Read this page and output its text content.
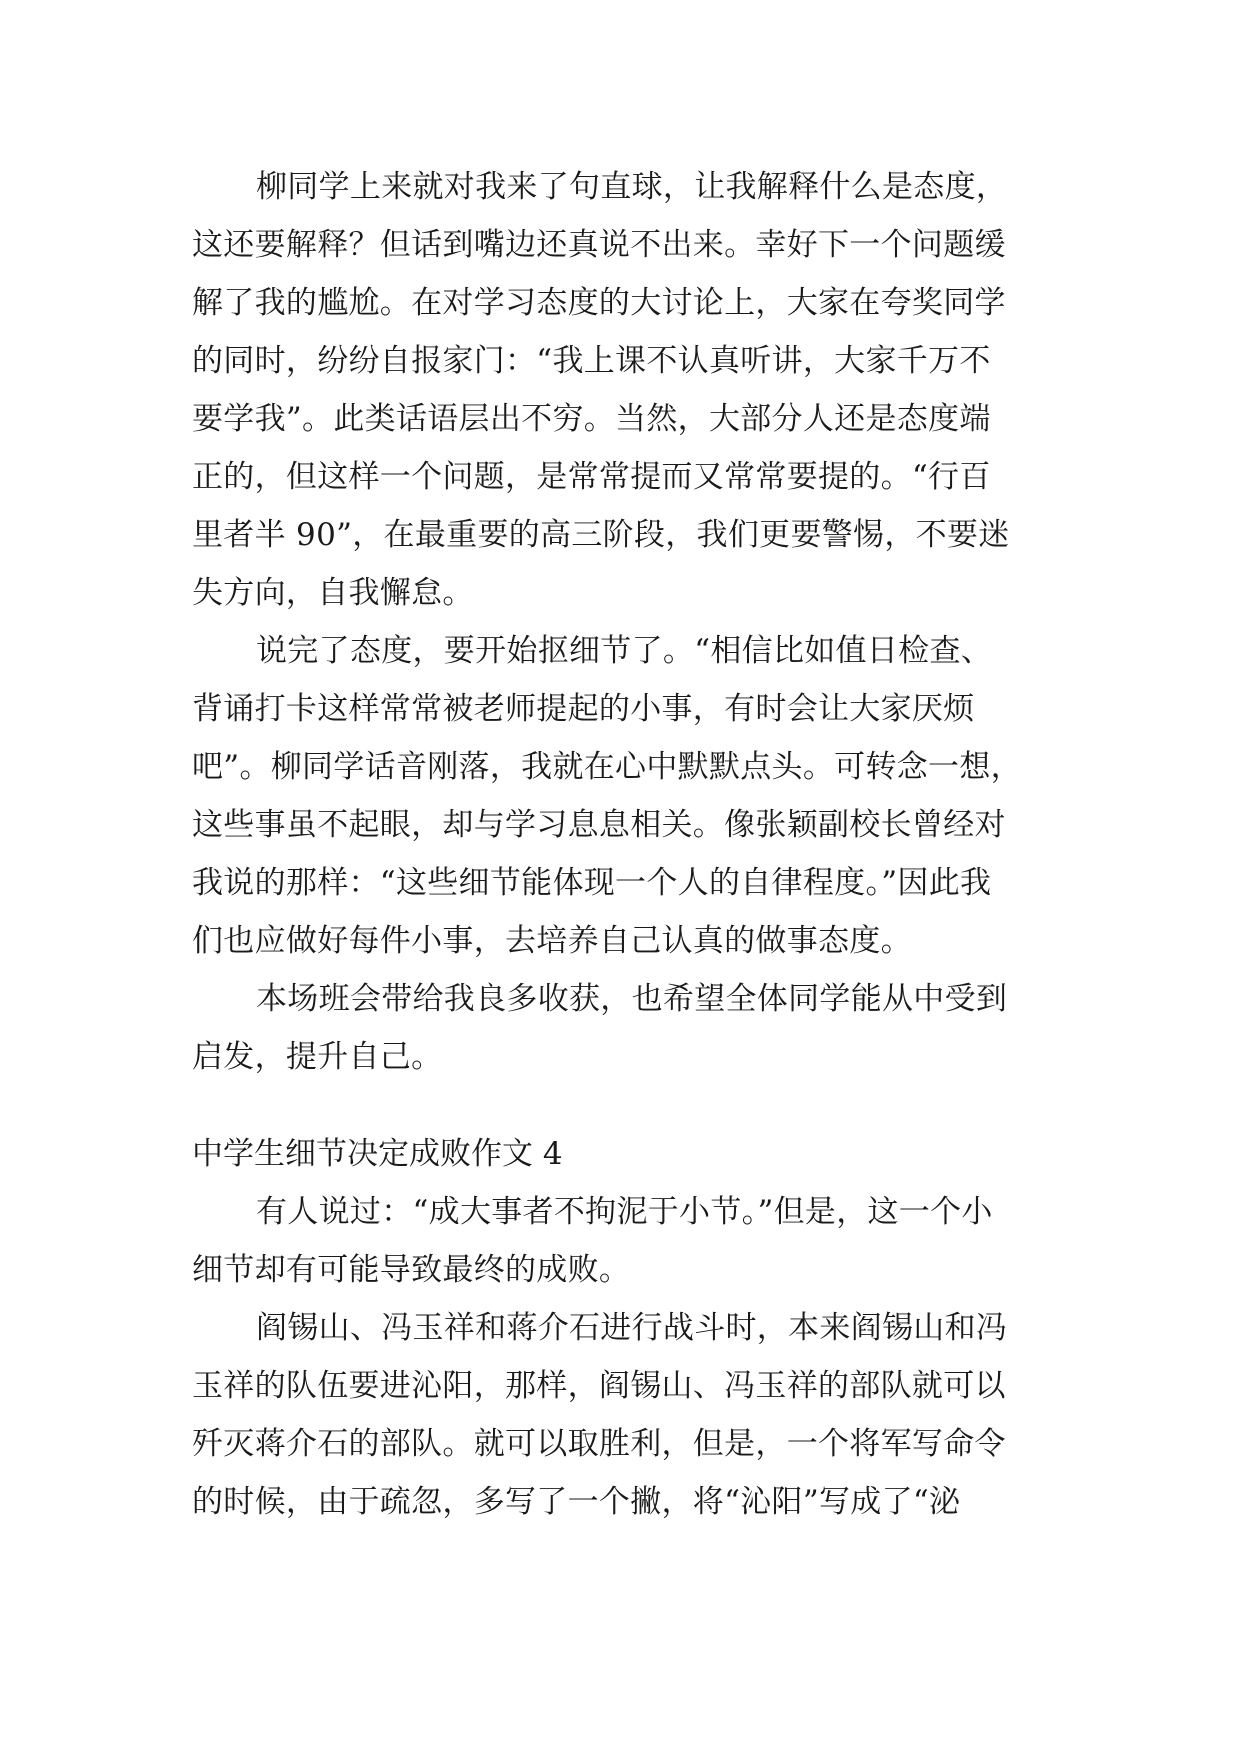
柳同学上来就对我来了句直球，让我解释什么是态度，

这还要解释？但话到嘴边还真说不出来。幸好下一个问题缓

解了我的尴尬。在对学习态度的大讨论上，大家在夸奖同学

的同时，纷纷自报家门：“我上课不认真听讲，大家千万不

要学我”。此类话语层出不穷。当然，大部分人还是态度端

正的，但这样一个问题，是常常提而又常常要提的。“行百

里者半 90”，在最重要的高三阶段，我们更要警惕，不要迷

失方向，自我懈怠。

说完了态度，要开始抠细节了。“相信比如值日检查、

背诵打卡这样常常被老师提起的小事，有时会让大家厌烦

吧”。柳同学话音刚落，我就在心中默默点头。可转念一想，

这些事虽不起眼，却与学习息息相关。像张颖副校长曾经对

我说的那样：“这些细节能体现一个人的自律程度。”因此我

们也应做好每件小事，去培养自己认真的做事态度。

本场班会带给我良多收获，也希望全体同学能从中受到

启发，提升自己。

中学生细节决定成败作文 4

有人说过：“成大事者不拘泥于小节。”但是，这一个小

细节却有可能导致最终的成败。

阎锡山、冯玉祥和蒋介石进行战斗时，本来阎锡山和冯

玉祥的队伍要进沁阳，那样，阎锡山、冯玉祥的部队就可以

歼灭蒋介石的部队。就可以取胜利，但是，一个将军写命令

的时候，由于疏忽，多写了一个撇，将“沁阳”写成了“泌
